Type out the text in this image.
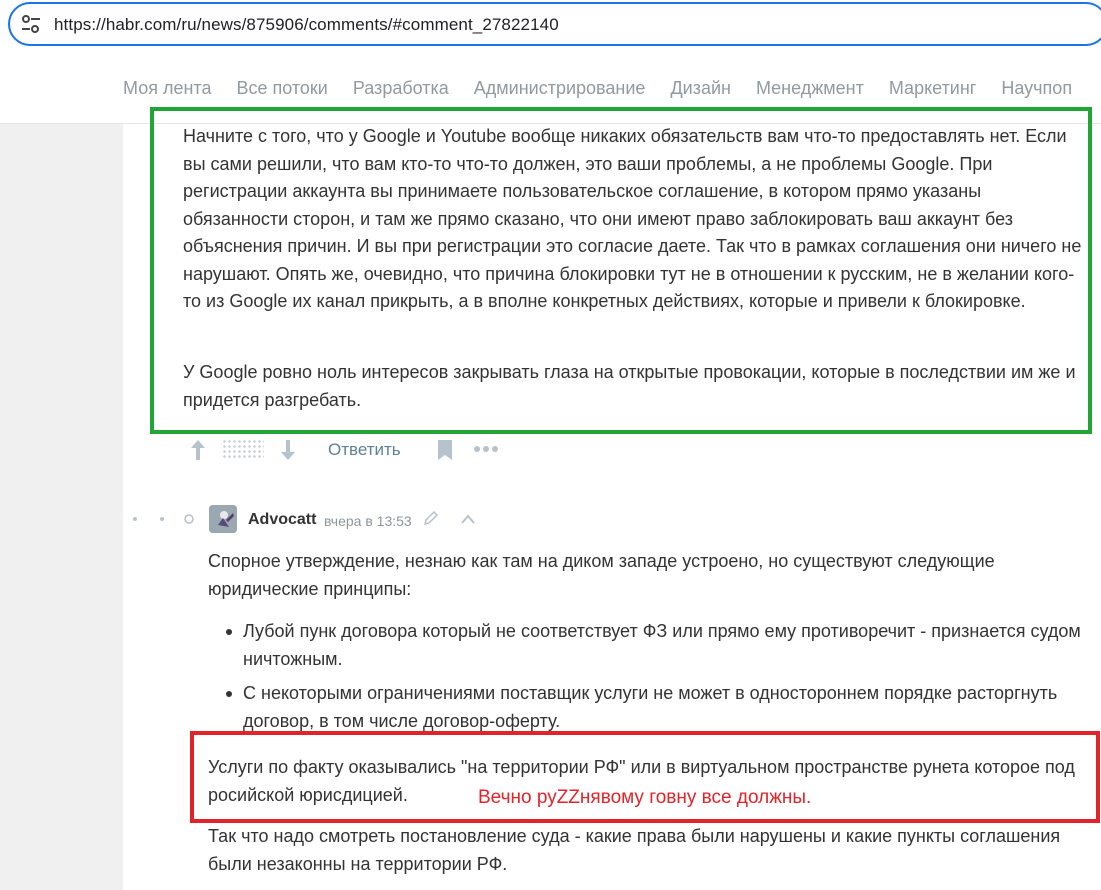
https://habr.com/ru/news/875906/comments/#comment_27822140
Моя лента Все потоки Разработка Администрирование Дизайн Менеджмент Маркетинг Научпоп

Начните с того, что у Google и Youtube вообще никаких обязательств вам что-то предоставлять нет. Если вы сами решили, что вам кто-то что-то должен, это ваши проблемы, а не проблемы Google. При регистрации аккаунта вы принимаете пользовательское соглашение, в котором прямо указаны обязанности сторон, и там же прямо сказано, что они имеют право заблокировать ваш аккаунт без объяснения причин. И вы при регистрации это согласие даете. Так что в рамках соглашения они ничего не нарушают. Опять же, очевидно, что причина блокировки тут не в отношении к русским, не в желании кого-то из Google их канал прикрыть, а в вполне конкретных действиях, которые и привели к блокировке.

У Google ровно ноль интересов закрывать глаза на открытые провокации, которые в последствии им же и придется разгребать.

Ответить
Advocatt вчера в 13:53

Спорное утверждение, незнаю как там на диком западе устроено, но существуют следующие юридические принципы:

Лубой пунк договора который не соответствует ФЗ или прямо ему противоречит - признается судом ничтожным.
С некоторыми ограничениями поставщик услуги не может в одностороннем порядке расторгнуть договор, в том числе договор-оферту.

Услуги по факту оказывались "на территории РФ" или в виртуальном пространстве рунета которое под росийской юрисдицией.	Вечно руZZнявому говну все должны.

Так что надо смотреть постановление суда - какие права были нарушены и какие пункты соглашения были незаконны на территории РФ.
